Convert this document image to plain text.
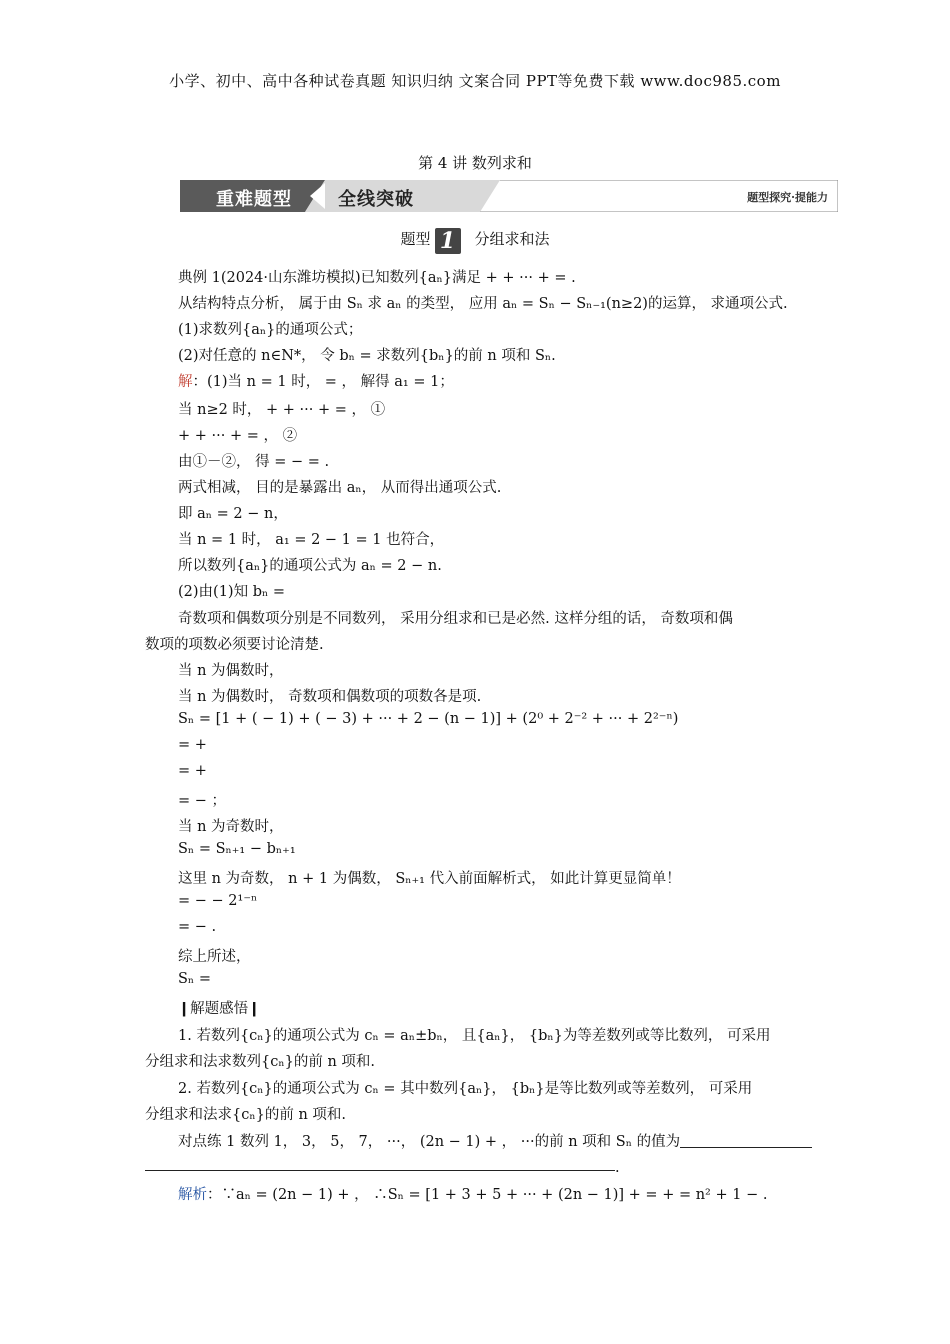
小学、初中、高中各种试卷真题 知识归纳 文案合同 PPT等免费下载 www.doc985.com
第 4 讲 数列求和
重难题型	全线突破	题型探究·提能力
题型 1 分组求和法
典例 1(2024·山东潍坊模拟)已知数列{aₙ}满足 + + ··· + = .
从结构特点分析， 属于由 Sₙ 求 aₙ 的类型， 应用 aₙ = Sₙ − Sₙ₋₁(n≥2)的运算， 求通项公式.
(1)求数列{aₙ}的通项公式；
(2)对任意的 n∈N*， 令 bₙ = 求数列{bₙ}的前 n 项和 Sₙ.
解：(1)当 n = 1 时， = ， 解得 a₁ = 1；
当 n≥2 时， + + ··· + = ， ①
+ + ··· + = ， ②
由①－②， 得 = − = .
两式相减， 目的是暴露出 aₙ， 从而得出通项公式.
即 aₙ = 2 − n，
当 n = 1 时， a₁ = 2 − 1 = 1 也符合，
所以数列{aₙ}的通项公式为 aₙ = 2 − n.
(2)由(1)知 bₙ =
奇数项和偶数项分别是不同数列， 采用分组求和已是必然. 这样分组的话， 奇数项和偶
数项的项数必须要讨论清楚.
当 n 为偶数时，
当 n 为偶数时， 奇数项和偶数项的项数各是项.
Sₙ = [1 + ( − 1) + ( − 3) + ··· + 2 − (n − 1)] + (2⁰ + 2⁻² + ··· + 2²⁻ⁿ)
= +
= +
= − ；
当 n 为奇数时，
Sₙ = Sₙ₊₁ − bₙ₊₁
这里 n 为奇数， n + 1 为偶数， Sₙ₊₁ 代入前面解析式， 如此计算更显简单！
= − − 2¹⁻ⁿ
= − .
综上所述，
Sₙ =
❙解题感悟❙
1. 若数列{cₙ}的通项公式为 cₙ = aₙ±bₙ， 且{aₙ}， {bₙ}为等差数列或等比数列， 可采用
分组求和法求数列{cₙ}的前 n 项和.
2. 若数列{cₙ}的通项公式为 cₙ = 其中数列{aₙ}， {bₙ}是等比数列或等差数列， 可采用
分组求和法求{cₙ}的前 n 项和.
对点练 1 数列 1， 3， 5， 7， ···， (2n − 1) + ， ···的前 n 项和 Sₙ 的值为
.
解析：∵aₙ = (2n − 1) + ， ∴Sₙ = [1 + 3 + 5 + ··· + (2n − 1)] + = + = n² + 1 − .
